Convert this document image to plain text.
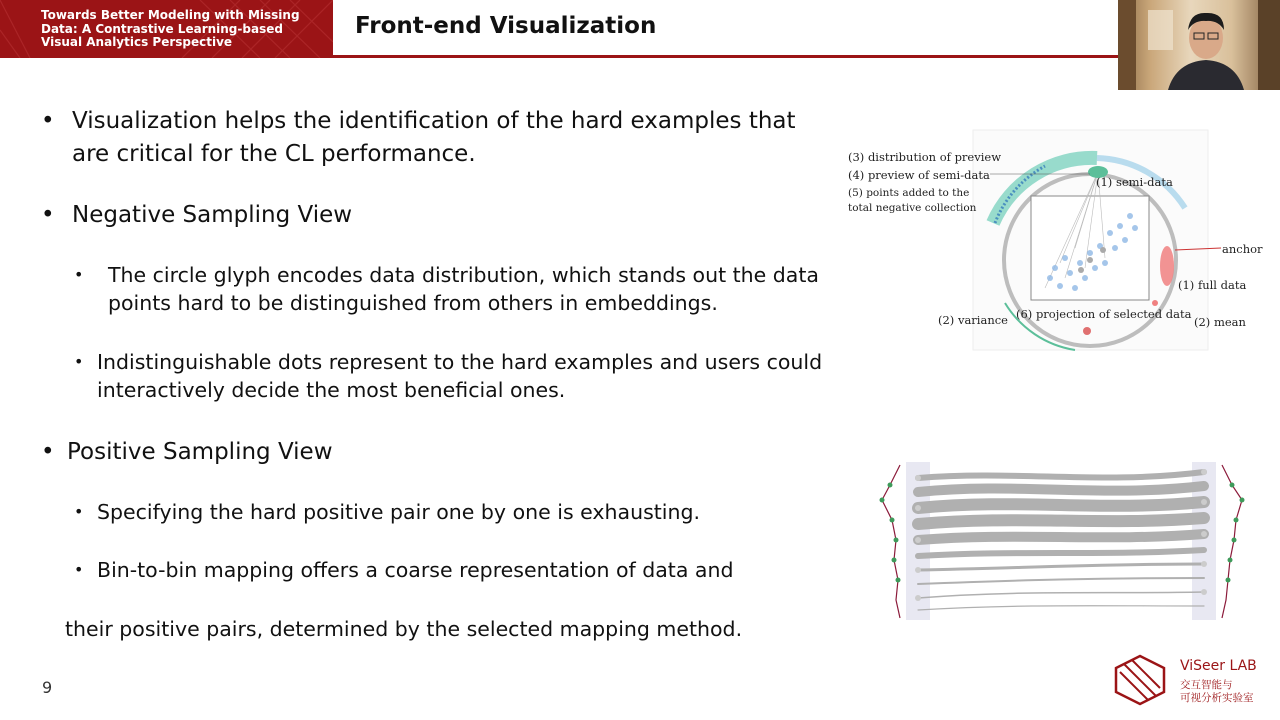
Towards Better Modeling with Missing Data: A Contrastive Learning-based Visual Analytics Perspective
Front-end Visualization
• Visualization helps the identification of the hard examples that are critical for the CL performance.
• Negative Sampling View
• The circle glyph encodes data distribution, which stands out the data points hard to be distinguished from others in embeddings.
• Indistinguishable dots represent to the hard examples and users could interactively decide the most beneficial ones.
• Positive Sampling View
• Specifying the hard positive pair one by one is exhausting.
• Bin-to-bin mapping offers a coarse representation of data and
their positive pairs, determined by the selected mapping method.
(3) distribution of preview
(4) preview of semi-data
(5) points added to the
total negative collection
(1) semi-data
anchor
(1) full data
(2) variance (6) projection of selected data
(2) mean
9
ViSeer LAB
交互智能与
可视分析实验室
